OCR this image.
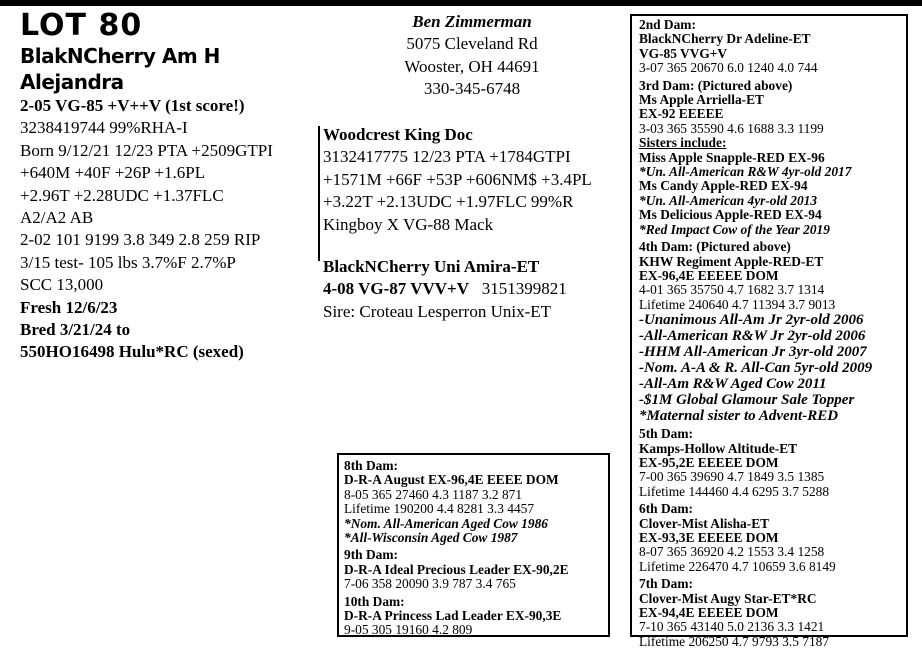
LOT 80
BlakNCherry Am H Alejandra
2-05 VG-85 +V++V (1st score!)
3238419744 99%RHA-I
Born 9/12/21 12/23 PTA +2509GTPI
+640M +40F +26P +1.6PL
+2.96T +2.28UDC +1.37FLC
A2/A2 AB
2-02 101 9199 3.8 349 2.8 259 RIP
3/15 test- 105 lbs 3.7%F 2.7%P
SCC 13,000
Fresh 12/6/23
Bred 3/21/24 to
550HO16498 Hulu*RC (sexed)
Ben Zimmerman
5075 Cleveland Rd
Wooster, OH 44691
330-345-6748
Woodcrest King Doc
3132417775 12/23 PTA +1784GTPI
+1571M +66F +53P +606NM$ +3.4PL
+3.22T +2.13UDC +1.97FLC 99%R
Kingboy X VG-88 Mack
BlackNCherry Uni Amira-ET
4-08 VG-87 VVV+V 3151399821
Sire: Croteau Lesperron Unix-ET
2nd Dam:
BlackNCherry Dr Adeline-ET
VG-85 VVG+V
3-07 365 20670 6.0 1240 4.0 744
3rd Dam: (Pictured above)
Ms Apple Arriella-ET
EX-92 EEEEE
3-03 365 35590 4.6 1688 3.3 1199
Sisters include:
Miss Apple Snapple-RED EX-96
*Un. All-American R&W 4yr-old 2017
Ms Candy Apple-RED EX-94
*Un. All-American 4yr-old 2013
Ms Delicious Apple-RED EX-94
*Red Impact Cow of the Year 2019
4th Dam: (Pictured above)
KHW Regiment Apple-RED-ET
EX-96,4E EEEEE DOM
4-01 365 35750 4.7 1682 3.7 1314
Lifetime 240640 4.7 11394 3.7 9013
-Unanimous All-Am Jr 2yr-old 2006
-All-American R&W Jr 2yr-old 2006
-HHM All-American Jr 3yr-old 2007
-Nom. A-A & R. All-Can 5yr-old 2009
-All-Am R&W Aged Cow 2011
-$1M Global Glamour Sale Topper
*Maternal sister to Advent-RED
5th Dam:
Kamps-Hollow Altitude-ET
EX-95,2E EEEEE DOM
7-00 365 39690 4.7 1849 3.5 1385
Lifetime 144460 4.4 6295 3.7 5288
6th Dam:
Clover-Mist Alisha-ET
EX-93,3E EEEEE DOM
8-07 365 36920 4.2 1553 3.4 1258
Lifetime 226470 4.7 10659 3.6 8149
7th Dam:
Clover-Mist Augy Star-ET*RC
EX-94,4E EEEEE DOM
7-10 365 43140 5.0 2136 3.3 1421
Lifetime 206250 4.7 9793 3.5 7187
8th Dam:
D-R-A August EX-96,4E EEEE DOM
8-05 365 27460 4.3 1187 3.2 871
Lifetime 190200 4.4 8281 3.3 4457
*Nom. All-American Aged Cow 1986
*All-Wisconsin Aged Cow 1987
9th Dam:
D-R-A Ideal Precious Leader EX-90,2E
7-06 358 20090 3.9 787 3.4 765
10th Dam:
D-R-A Princess Lad Leader EX-90,3E
9-05 305 19160 4.2 809
